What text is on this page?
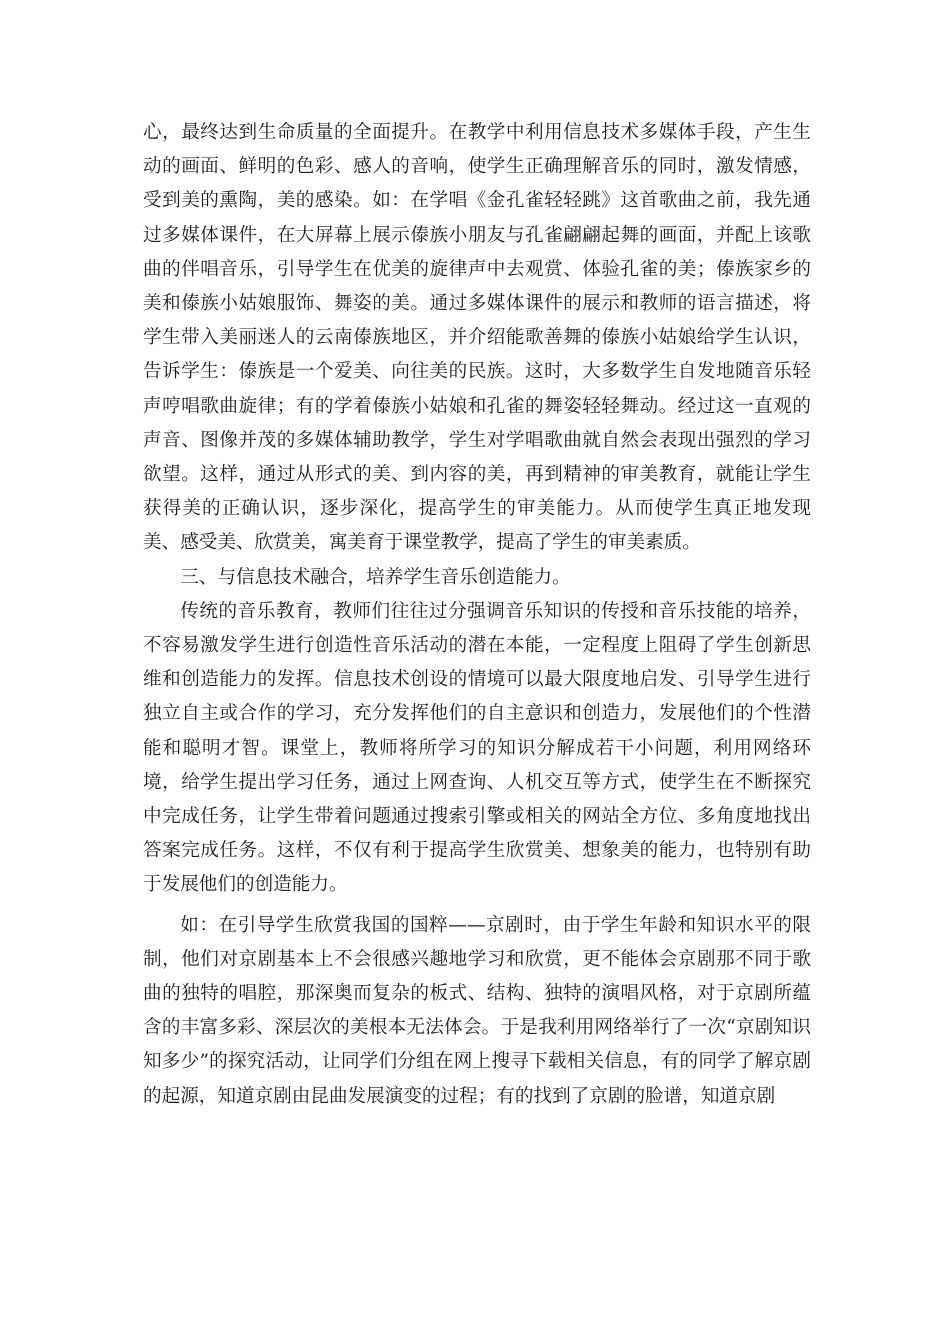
心，最终达到生命质量的全面提升。在教学中利用信息技术多媒体手段，产生生动的画面、鲜明的色彩、感人的音响，使学生正确理解音乐的同时，激发情感，受到美的熏陶，美的感染。如：在学唱《金孔雀轻轻跳》这首歌曲之前，我先通过多媒体课件，在大屏幕上展示傣族小朋友与孔雀翩翩起舞的画面，并配上该歌曲的伴唱音乐，引导学生在优美的旋律声中去观赏、体验孔雀的美；傣族家乡的美和傣族小姑娘服饰、舞姿的美。通过多媒体课件的展示和教师的语言描述，将学生带入美丽迷人的云南傣族地区，并介绍能歌善舞的傣族小姑娘给学生认识，告诉学生：傣族是一个爱美、向往美的民族。这时，大多数学生自发地随音乐轻声哼唱歌曲旋律；有的学着傣族小姑娘和孔雀的舞姿轻轻舞动。经过这一直观的声音、图像并茂的多媒体辅助教学，学生对学唱歌曲就自然会表现出强烈的学习欲望。这样，通过从形式的美、到内容的美，再到精神的审美教育，就能让学生获得美的正确认识，逐步深化，提高学生的审美能力。从而使学生真正地发现美、感受美、欣赏美，寓美育于课堂教学，提高了学生的审美素质。

三、与信息技术融合，培养学生音乐创造能力。

传统的音乐教育，教师们往往过分强调音乐知识的传授和音乐技能的培养，不容易激发学生进行创造性音乐活动的潜在本能，一定程度上阻碍了学生创新思维和创造能力的发挥。信息技术创设的情境可以最大限度地启发、引导学生进行独立自主或合作的学习，充分发挥他们的自主意识和创造力，发展他们的个性潜能和聪明才智。课堂上，教师将所学习的知识分解成若干小问题，利用网络环境，给学生提出学习任务，通过上网查询、人机交互等方式，使学生在不断探究中完成任务，让学生带着问题通过搜索引擎或相关的网站全方位、多角度地找出答案完成任务。这样，不仅有利于提高学生欣赏美、想象美的能力，也特别有助于发展他们的创造能力。

如：在引导学生欣赏我国的国粹——京剧时，由于学生年龄和知识水平的限制，他们对京剧基本上不会很感兴趣地学习和欣赏，更不能体会京剧那不同于歌曲的独特的唱腔，那深奥而复杂的板式、结构、独特的演唱风格，对于京剧所蕴含的丰富多彩、深层次的美根本无法体会。于是我利用网络举行了一次“京剧知识知多少”的探究活动，让同学们分组在网上搜寻下载相关信息，有的同学了解京剧的起源，知道京剧由昆曲发展演变的过程；有的找到了京剧的脸谱，知道京剧
